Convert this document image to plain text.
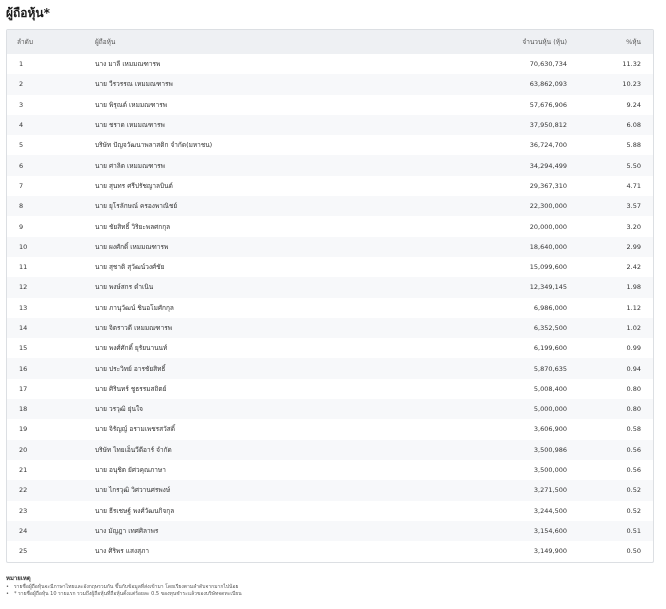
ผู้ถือหุ้น*
ลำดับ	ผู้ถือหุ้น	จำนวนหุ้น (หุ้น)	%หุ้น
1	นาง มาลี เหมมณฑารพ	70,630,734	11.32
2	นาย วีรวรรณ เหมมณฑารพ	63,862,093	10.23
3	นาย พิรุณต์ เหมมณฑารพ	57,676,906	9.24
4	นาย ชราด เหมมณฑารพ	37,950,812	6.08
5	บริษัท ปัญจวัฒนาพลาสติก จำกัด(มหาชน)	36,724,700	5.88
6	นาย ศาลิต เหมมณฑารพ	34,294,499	5.50
7	นาย สุนทร ศรีปรัชญาลบินต์	29,367,310	4.71
8	นาย ยุโรลักษณ์ ครองพาณิชย์	22,300,000	3.57
9	นาย ชัยสิทธิ์ วิริยะพลศกกุล	20,000,000	3.20
10	นาย ผงศักดิ์ เหมมณฑารพ	18,640,000	2.99
11	นาย สุชาติ สุวัฒน์วงศ์ชัย	15,099,600	2.42
12	นาย พงษ์สกร ดำเนิน	12,349,145	1.98
13	นาย ภานุวัฒน์ ชินอโมศักกุล	6,986,000	1.12
14	นาย จิตราวดี เหมมณฑารพ	6,352,500	1.02
15	นาย พงศ์ศักดิ์ ยุรัยนานนท์	6,199,600	0.99
16	นาย ประวิทย์ อารชัยสิทธิ์	5,870,635	0.94
17	นาย ศิรินทร์ ชูธรรมสถิตย์	5,008,400	0.80
18	นาย วรวุฒิ ยุ่นใจ	5,000,000	0.80
19	นาย จิรัญญ์ อรามเพชรสวัสดิ์	3,606,900	0.58
20	บริษัท ไทยเอ็นวีดีอาร์ จำกัด	3,500,986	0.56
21	นาย อนุชิต ยัศวคุณภาษา	3,500,000	0.56
22	นาย ไกรวุฒิ วิศวานศรพงษ์	3,271,500	0.52
23	นาย ธีรเชษฐ์ พงศ์วัฒนกิจกุล	3,244,500	0.52
24	นาง มัญฎา เทศศิลาพร	3,154,600	0.51
25	นาง ศิริพร แสงสุภา	3,149,900	0.50
หมายเหตุ
•	รายชื่อผู้ถือหุ้นจะมีภาษาไทยและอังกฤษรวมกัน ขึ้นกับข้อมูลที่ส่งเข้ามา โดยเรียงตามลำดับจากมากไปน้อย
•	* รายชื่อผู้ถือหุ้น 10 รายแรก รวมถึงผู้ถือหุ้นที่ถือหุ้นตั้งแต่ร้อยละ 0.5 ของทุนชำระแล้วของบริษัทจดทะเบียน
